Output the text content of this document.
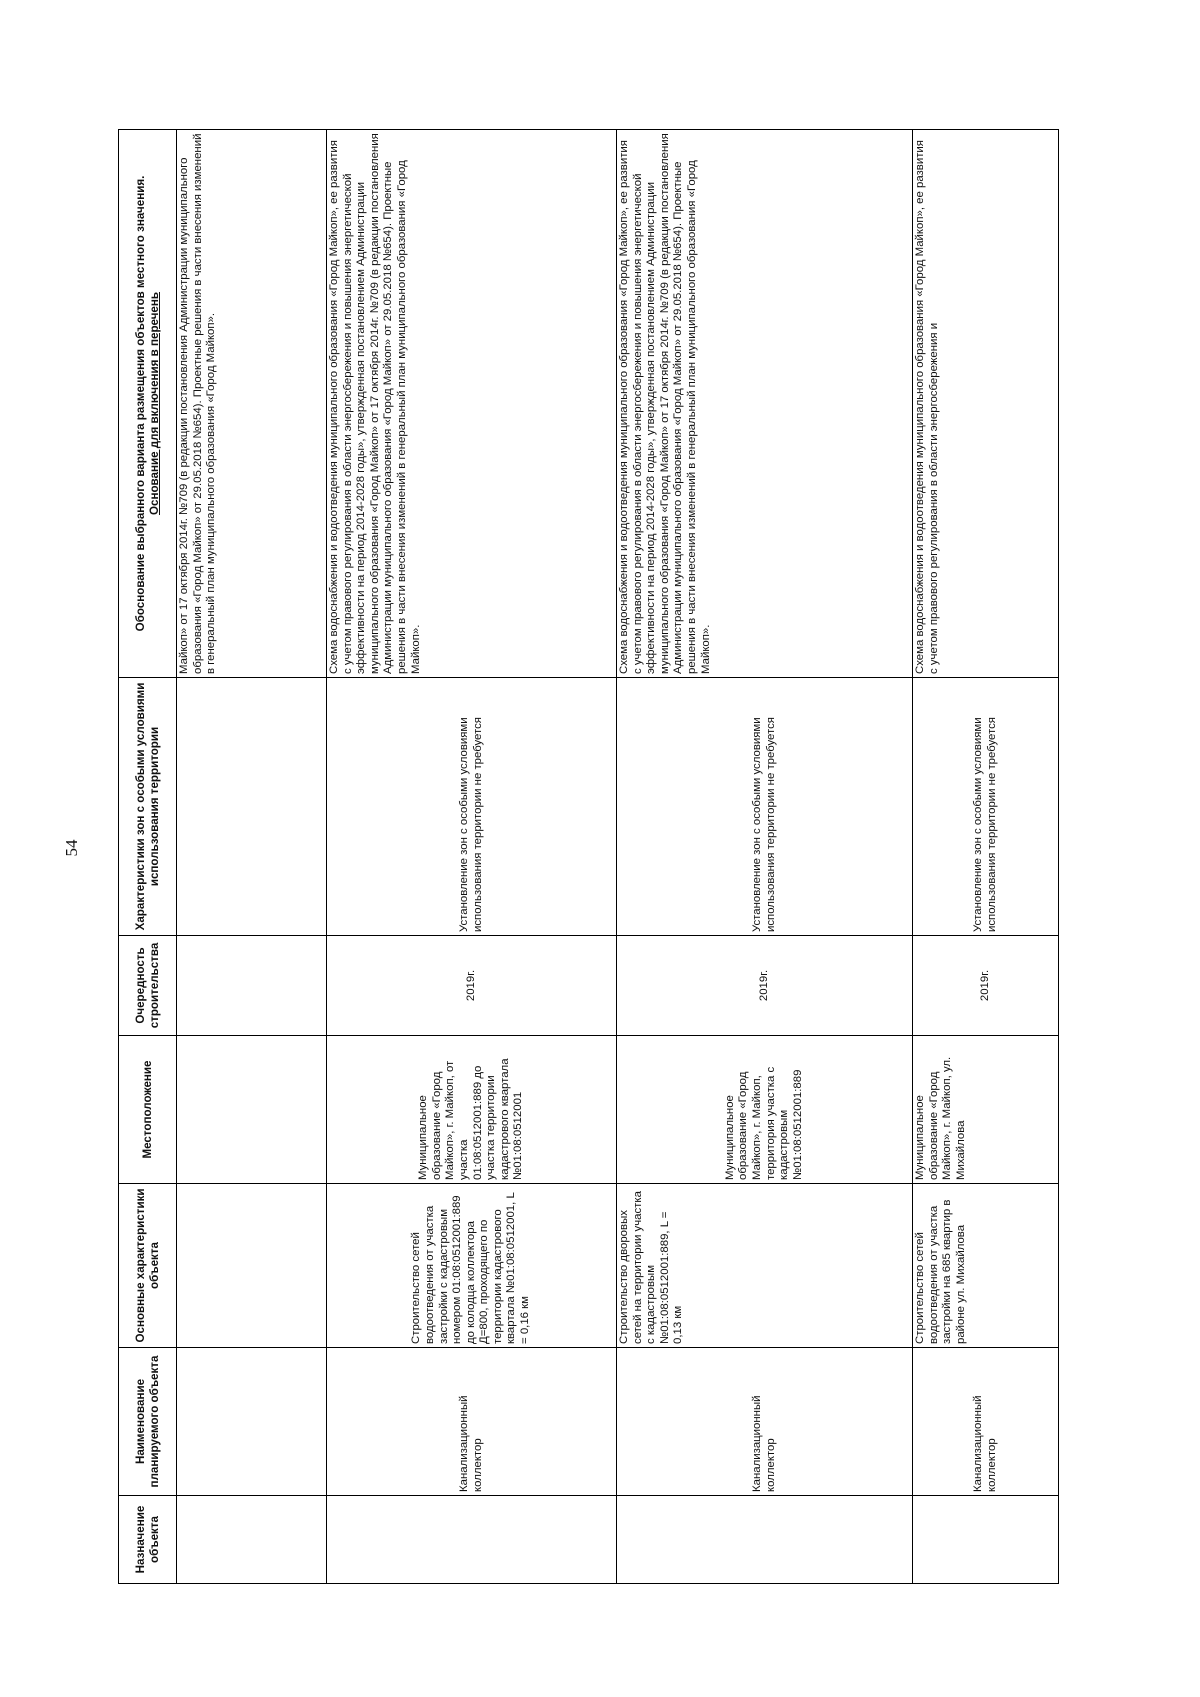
54
Назначение объекта	Наименование планируемого объекта	Основные характеристики объекта	Местоположение	Очередность строительства	Характеристики зон с особыми условиями использования территории	Обоснование выбранного варианта размещения объектов местного значения. Основание для включения в перечень

						Майкоп» от 17 октября 2014г. №709 (в редакции постановления Администрации муниципального образования «Город Майкоп» от 29.05.2018 №654). Проектные решения в части внесения изменений в генеральный план муниципального образования «Город Майкоп».
	Канализационный коллектор	Строительство сетей водоотведения от участка застройки с кадастровым номером 01:08:0512001:889 до колодца коллектора Д=800, проходящего по территории кадастрового квартала №01:08:0512001, L = 0,16 км	Муниципальное образование «Город Майкоп», г. Майкоп, от участка 01:08:0512001:889 до участка территории кадастрового квартала №01:08:0512001	2019г.	Установление зон с особыми условиями использования территории не требуется	Схема водоснабжения и водоотведения муниципального образования «Город Майкоп», ее развития с учетом правового регулирования в области энергосбережения и повышения энергетической эффективности на период 2014-2028 годы», утвержденная постановлением Администрации муниципального образования «Город Майкоп» от 17 октября 2014г. №709 (в редакции постановления Администрации муниципального образования «Город Майкоп» от 29.05.2018 №654). Проектные решения в части внесения изменений в генеральный план муниципального образования «Город Майкоп».
	Канализационный коллектор	Строительство дворовых сетей на территории участка с кадастровым №01:08:0512001:889, L = 0,13 км	Муниципальное образование «Город Майкоп», г. Майкоп, территория участка с кадастровым №01:08:0512001:889	2019г.	Установление зон с особыми условиями использования территории не требуется	Схема водоснабжения и водоотведения муниципального образования «Город Майкоп», ее развития с учетом правового регулирования в области энергосбережения и повышения энергетической эффективности на период 2014-2028 годы», утвержденная постановлением Администрации муниципального образования «Город Майкоп» от 17 октября 2014г. №709 (в редакции постановления Администрации муниципального образования «Город Майкоп» от 29.05.2018 №654). Проектные решения в части внесения изменений в генеральный план муниципального образования «Город Майкоп».
	Канализационный коллектор	Строительство сетей водоотведения от участка застройки на 685 квартир в районе ул. Михайлова	Муниципальное образование «Город Майкоп», г. Майкоп, ул. Михайлова	2019г.	Установление зон с особыми условиями использования территории не требуется	Схема водоснабжения и водоотведения муниципального образования «Город Майкоп», ее развития с учетом правового регулирования в области энергосбережения и
